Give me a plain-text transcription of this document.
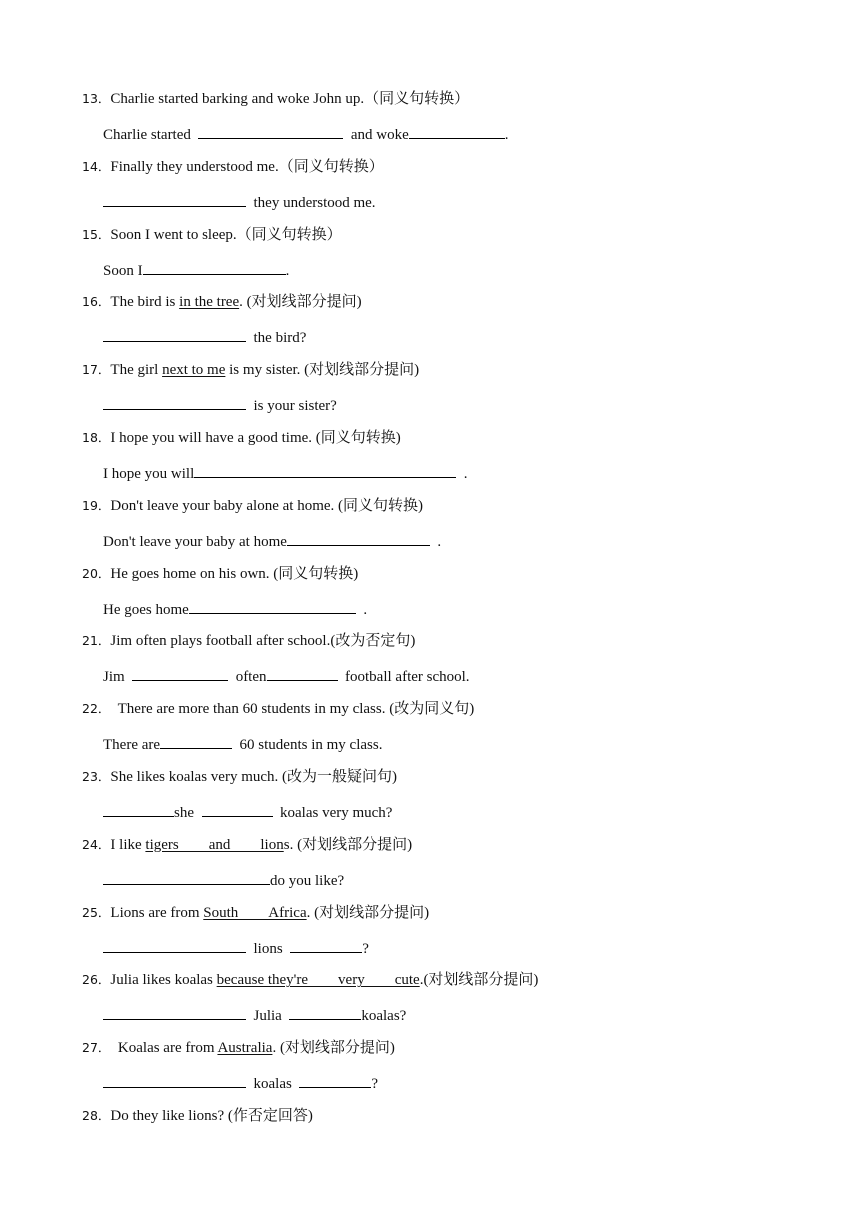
13．Charlie started barking and woke John up.（同义句转换）
Charlie started	and woke	.
14．Finally they understood me.（同义句转换）
they understood me.
15．Soon I went to sleep.（同义句转换）
Soon I	.
16．The bird is in the tree. (对划线部分提问)
the bird?
17．The girl next to me is my sister. (对划线部分提问)
is your sister?
18．I hope you will have a good time. (同义句转换)
I hope you will	.
19．Don't leave your baby alone at home. (同义句转换)
Don't leave your baby at home	.
20．He goes home on his own. (同义句转换)
He goes home	.
21．Jim often plays football after school.(改为否定句)
Jim	often	football after school.
22．  There are more than 60 students in my class. (改为同义句)
There are	60 students in my class.
23．She likes koalas very much. (改为一般疑问句)
she	koalas very much?
24．I like tigers  and  lions. (对划线部分提问)
do you like?
25．Lions are from South  Africa. (对划线部分提问)
lions	?
26．Julia likes koalas because they're  very  cute.(对划线部分提问)
Julia	koalas?
27．  Koalas are from Australia. (对划线部分提问)
koalas	?
28．Do they like lions? (作否定回答)
